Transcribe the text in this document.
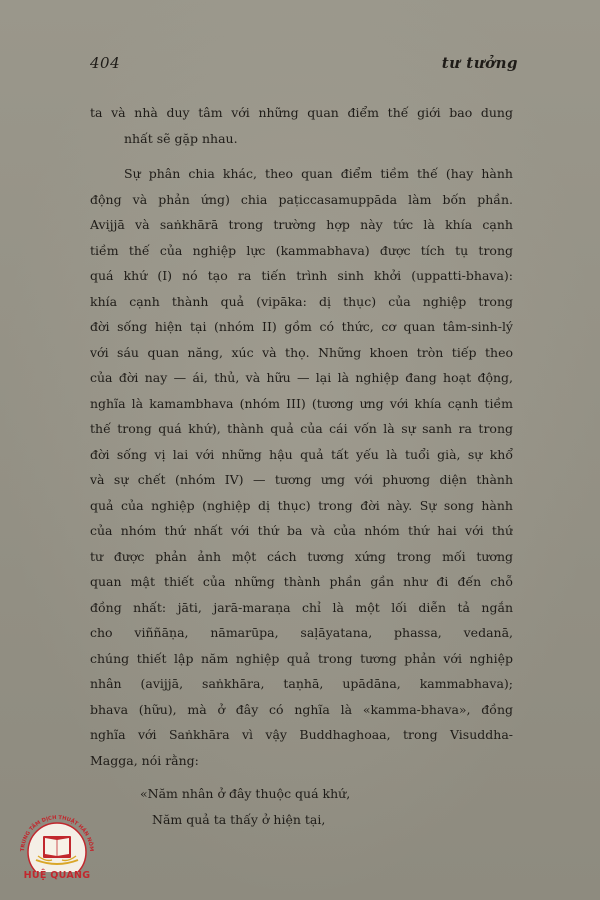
404	tư tưởng
ta và nhà duy tâm với những quan điểm thế giới bao dung
nhất sẽ gặp nhau.
Sự phân chia khác, theo quan điểm tiềm thế (hay hành
động và phản ứng) chia paṭiccasamuppāda làm bốn phần.
Avijjā và saṅkhārā trong trường hợp này tức là khía cạnh
tiềm thế của nghiệp lực (kammabhava) được tích tụ trong
quá khứ (I) nó tạo ra tiến trình sinh khởi (uppatti-bhava):
khía cạnh thành quả (vipāka: dị thục) của nghiệp trong
đời sống hiện tại (nhóm II) gồm có thức, cơ quan tâm-sinh-lý
với sáu quan năng, xúc và thọ. Những khoen tròn tiếp theo
của đời nay — ái, thủ, và hữu — lại là nghiệp đang hoạt động,
nghĩa là kamambhava (nhóm III) (tương ưng với khía cạnh tiềm
thế trong quá khứ), thành quả của cái vốn là sự sanh ra trong
đời sống vị lai với những hậu quả tất yếu là tuổi già, sự khổ
và sự chết (nhóm IV) — tương ưng với phương diện thành
quả của nghiệp (nghiệp dị thục) trong đời này. Sự song hành
của nhóm thứ nhất với thứ ba và của nhóm thứ hai với thứ
tư được phản ảnh một cách tương xứng trong mối tương
quan mật thiết của những thành phần gần như đi đến chỗ
đồng nhất: jāti, jarā-maraṇa chỉ là một lối diễn tả ngắn
cho viññāṇa, nāmarūpa, saḷāyatana, phassa, vedanā,
chúng thiết lập năm nghiệp quả trong tương phản với nghiệp
nhân (avijjā, saṅkhāra, taṇhā, upādāna, kammabhava);
bhava (hữu), mà ở đây có nghĩa là «kamma-bhava», đồng
nghĩa với Saṅkhāra vì vậy Buddhaghoaa, trong Visuddha-
Magga, nói rằng:
«Năm nhân ở đây thuộc quá khứ,
Năm quả ta thấy ở hiện tại,
TRUNG TÂM DỊCH THUẬT HÁN NÔM
HUỆ QUANG
